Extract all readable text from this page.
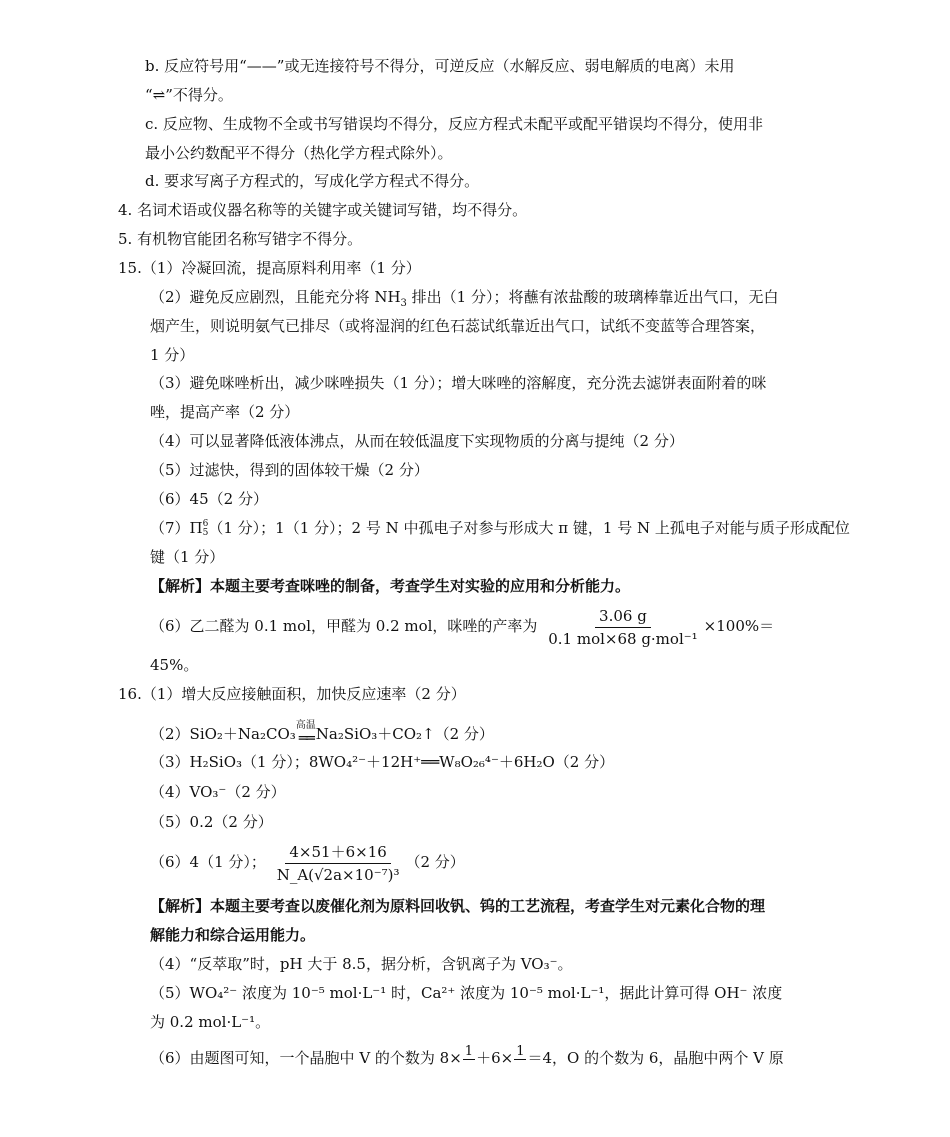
b. 反应符号用“——”或无连接符号不得分，可逆反应（水解反应、弱电解质的电离）未用
“⇌”不得分。
c. 反应物、生成物不全或书写错误均不得分，反应方程式未配平或配平错误均不得分，使用非
最小公约数配平不得分（热化学方程式除外）。
d. 要求写离子方程式的，写成化学方程式不得分。
4. 名词术语或仪器名称等的关键字或关键词写错，均不得分。
5. 有机物官能团名称写错字不得分。
15.（1）冷凝回流，提高原料利用率（1 分）
（2）避免反应剧烈，且能充分将 $NH_3$ 排出（1 分）；将蘸有浓盐酸的玻璃棒靠近出气口，无白
烟产生，则说明氨气已排尽（或将湿润的红色石蕊试纸靠近出气口，试纸不变蓝等合理答案，
1 分）
（3）避免咪唑析出，减少咪唑损失（1 分）；增大咪唑的溶解度，充分洗去滤饼表面附着的咪
唑，提高产率（2 分）
（4）可以显著降低液体沸点，从而在较低温度下实现物质的分离与提纯（2 分）
（5）过滤快，得到的固体较干燥（2 分）
（6）45（2 分）
（7）Π 6
5 （1 分）；1（1 分）；2 号 N 中孤电子对参与形成大 π 键，1 号 N 上孤电子对能与质子形成配位
键（1 分）
【解析】本题主要考查咪唑的制备，考查学生对实验的应用和分析能力。
（6）乙二醛为 0.1 mol，甲醛为 0.2 mol，咪唑的产率为 $\frac{3.06 g}{\text{0.1 mol×68 g·mol⁻¹}} \times 100\%=$
45%。
16.（1）增大反应接触面积，加快反应速率（2 分）
（2）SiO₂＋Na₂CO₃ 高温
══ Na₂SiO₃＋CO₂↑（2 分）
（3）H₂SiO₃（1 分）；8WO₄²⁻＋12H⁺══W₈O₂₆⁴⁻＋6H₂O（2 分）
（4）VO₃⁻（2 分）
（5）0.2（2 分）
（6）4（1 分）； $\frac{4\times 51+6\times 16}{\text{N\_A(√2a×10⁻⁷)³}} (2$ 分）
【解析】本题主要考查以废催化剂为原料回收钒、钨的工艺流程，考查学生对元素化合物的理
解能力和综合运用能力。
（4）“反萃取”时，pH 大于 8.5，据分析，含钒离子为 VO₃⁻。
（5）WO₄²⁻ 浓度为 10⁻⁵ mol·L⁻¹ 时，Ca²⁺ 浓度为 10⁻⁵ mol·L⁻¹，据此计算可得 OH⁻ 浓度
为 0.2 mol·L⁻¹。
（6）由题图可知，一个晶胞中 V 的个数为 8× 1
＋6× 1
＝4，O 的个数为 6，晶胞中两个 V 原
